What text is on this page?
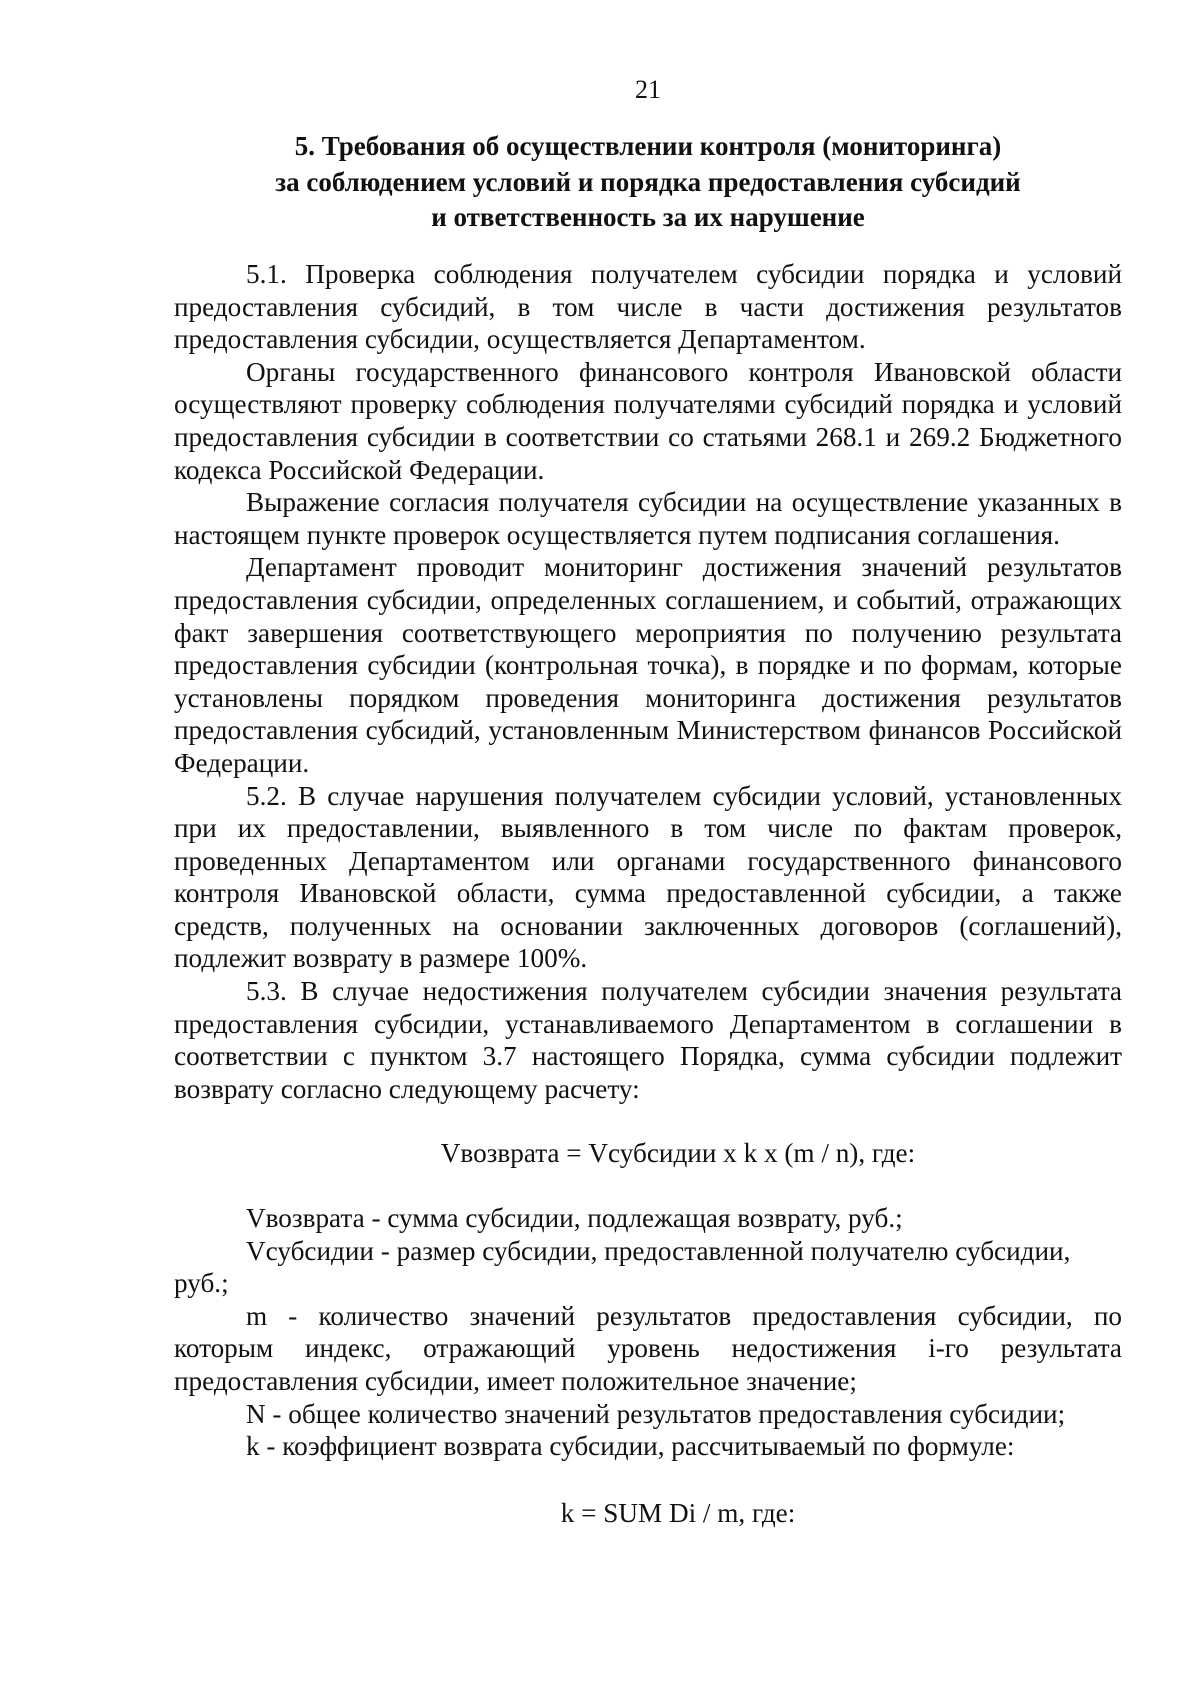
21
5. Требования об осуществлении контроля (мониторинга)
за соблюдением условий и порядка предоставления субсидий
и ответственность за их нарушение

5.1. Проверка соблюдения получателем субсидии порядка и условий предоставления субсидий, в том числе в части достижения результатов предоставления субсидии, осуществляется Департаментом.

Органы государственного финансового контроля Ивановской области осуществляют проверку соблюдения получателями субсидий порядка и условий предоставления субсидии в соответствии со статьями 268.1 и 269.2 Бюджетного кодекса Российской Федерации.

Выражение согласия получателя субсидии на осуществление указанных в настоящем пункте проверок осуществляется путем подписания соглашения.

Департамент проводит мониторинг достижения значений результатов предоставления субсидии, определенных соглашением, и событий, отражающих факт завершения соответствующего мероприятия по получению результата предоставления субсидии (контрольная точка), в порядке и по формам, которые установлены порядком проведения мониторинга достижения результатов предоставления субсидий, установленным Министерством финансов Российской Федерации.

5.2. В случае нарушения получателем субсидии условий, установленных при их предоставлении, выявленного в том числе по фактам проверок, проведенных Департаментом или органами государственного финансового контроля Ивановской области, сумма предоставленной субсидии, а также средств, полученных на основании заключенных договоров (соглашений), подлежит возврату в размере 100%.

5.3. В случае недостижения получателем субсидии значения результата предоставления субсидии, устанавливаемого Департаментом в соглашении в соответствии с пунктом 3.7 настоящего Порядка, сумма субсидии подлежит возврату согласно следующему расчету:

Vвозврата = Vсубсидии x k x (m / n), где:

Vвозврата - сумма субсидии, подлежащая возврату, руб.;

Vсубсидии - размер субсидии, предоставленной получателю субсидии,

руб.;

m - количество значений результатов предоставления субсидии, по которым индекс, отражающий уровень недостижения i-го результата предоставления субсидии, имеет положительное значение;

N - общее количество значений результатов предоставления субсидии;

k - коэффициент возврата субсидии, рассчитываемый по формуле:

k = SUM Di / m, где:
